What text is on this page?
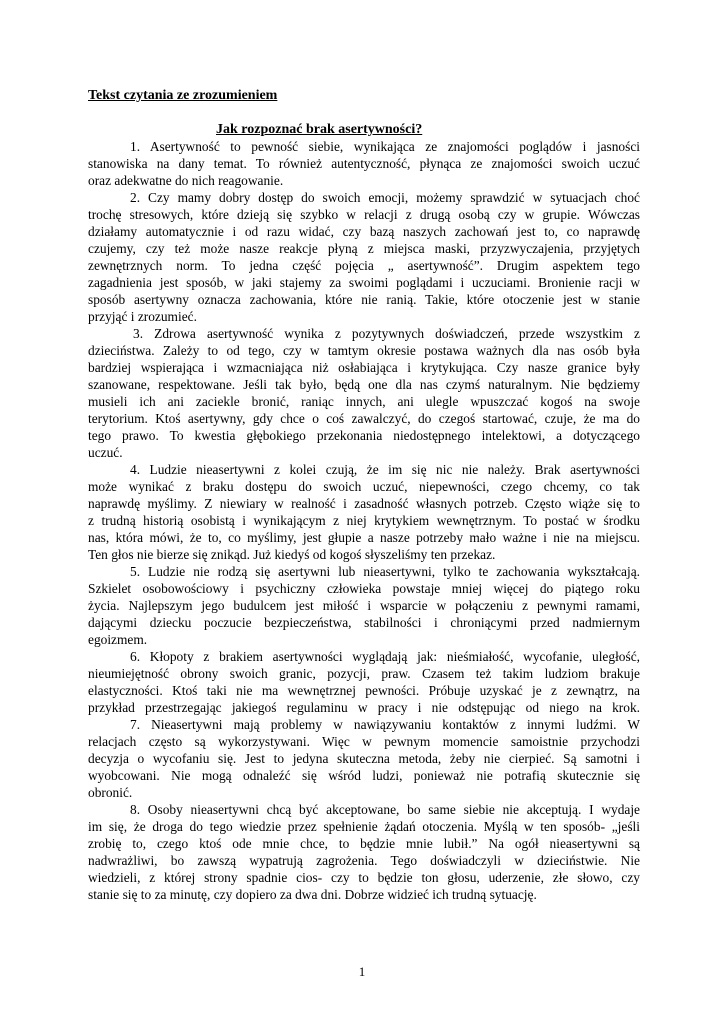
Tekst czytania ze zrozumieniem
Jak rozpoznać brak asertywności?
1. Asertywność to pewność siebie, wynikająca ze znajomości poglądów i jasności
stanowiska na dany temat. To również autentyczność, płynąca ze znajomości swoich uczuć
oraz adekwatne do nich reagowanie.
2. Czy mamy dobry dostęp do swoich emocji, możemy sprawdzić w sytuacjach choć
trochę stresowych, które dzieją się szybko w relacji z drugą osobą czy w grupie. Wówczas
działamy automatycznie i od razu widać, czy bazą naszych zachowań jest to, co naprawdę
czujemy, czy też może nasze reakcje płyną z miejsca maski, przyzwyczajenia, przyjętych
zewnętrznych norm. To jedna część pojęcia „ asertywność”. Drugim aspektem tego
zagadnienia jest sposób, w jaki stajemy za swoimi poglądami i uczuciami. Bronienie racji w
sposób asertywny oznacza zachowania, które nie ranią. Takie, które otoczenie jest w stanie
przyjąć i zrozumieć.
3. Zdrowa asertywność wynika z pozytywnych doświadczeń, przede wszystkim z
dzieciństwa. Zależy to od tego, czy w tamtym okresie postawa ważnych dla nas osób była
bardziej wspierająca i wzmacniająca niż osłabiająca i krytykująca. Czy nasze granice były
szanowane, respektowane. Jeśli tak było, będą one dla nas czymś naturalnym. Nie będziemy
musieli ich ani zaciekle bronić, raniąc innych, ani ulegle wpuszczać kogoś na swoje
terytorium. Ktoś asertywny, gdy chce o coś zawalczyć, do czegoś startować, czuje, że ma do
tego prawo. To kwestia głębokiego przekonania niedostępnego intelektowi, a dotyczącego
uczuć.
4. Ludzie nieasertywni z kolei czują, że im się nic nie należy. Brak asertywności
może wynikać z braku dostępu do swoich uczuć, niepewności, czego chcemy, co tak
naprawdę myślimy. Z niewiary w realność i zasadność własnych potrzeb. Często wiąże się to
z trudną historią osobistą i wynikającym z niej krytykiem wewnętrznym. To postać w środku
nas, która mówi, że to, co myślimy, jest głupie a nasze potrzeby mało ważne i nie na miejscu.
Ten głos nie bierze się znikąd. Już kiedyś od kogoś słyszeliśmy ten przekaz.
5. Ludzie nie rodzą się asertywni lub nieasertywni, tylko te zachowania wykształcają.
Szkielet osobowościowy i psychiczny człowieka powstaje mniej więcej do piątego roku
życia. Najlepszym jego budulcem jest miłość i wsparcie w połączeniu z pewnymi ramami,
dającymi dziecku poczucie bezpieczeństwa, stabilności i chroniącymi przed nadmiernym
egoizmem.
6. Kłopoty z brakiem asertywności wyglądają jak: nieśmiałość, wycofanie, uległość,
nieumiejętność obrony swoich granic, pozycji, praw. Czasem też takim ludziom brakuje
elastyczności. Ktoś taki nie ma wewnętrznej pewności. Próbuje uzyskać je z zewnątrz, na
przykład przestrzegając jakiegoś regulaminu w pracy i nie odstępując od niego na krok.
7. Nieasertywni mają problemy w nawiązywaniu kontaktów z innymi ludźmi. W
relacjach często są wykorzystywani. Więc w pewnym momencie samoistnie przychodzi
decyzja o wycofaniu się. Jest to jedyna skuteczna metoda, żeby nie cierpieć. Są samotni i
wyobcowani. Nie mogą odnaleźć się wśród ludzi, ponieważ nie potrafią skutecznie się
obronić.
8. Osoby nieasertywni chcą być akceptowane, bo same siebie nie akceptują. I wydaje
im się, że droga do tego wiedzie przez spełnienie żądań otoczenia. Myślą w ten sposób- „jeśli
zrobię to, czego ktoś ode mnie chce, to będzie mnie lubił.” Na ogół nieasertywni są
nadwrażliwi, bo zawszą wypatrują zagrożenia. Tego doświadczyli w dzieciństwie. Nie
wiedzieli, z której strony spadnie cios- czy to będzie ton głosu, uderzenie, złe słowo, czy
stanie się to za minutę, czy dopiero za dwa dni. Dobrze widzieć ich trudną sytuację.
1
